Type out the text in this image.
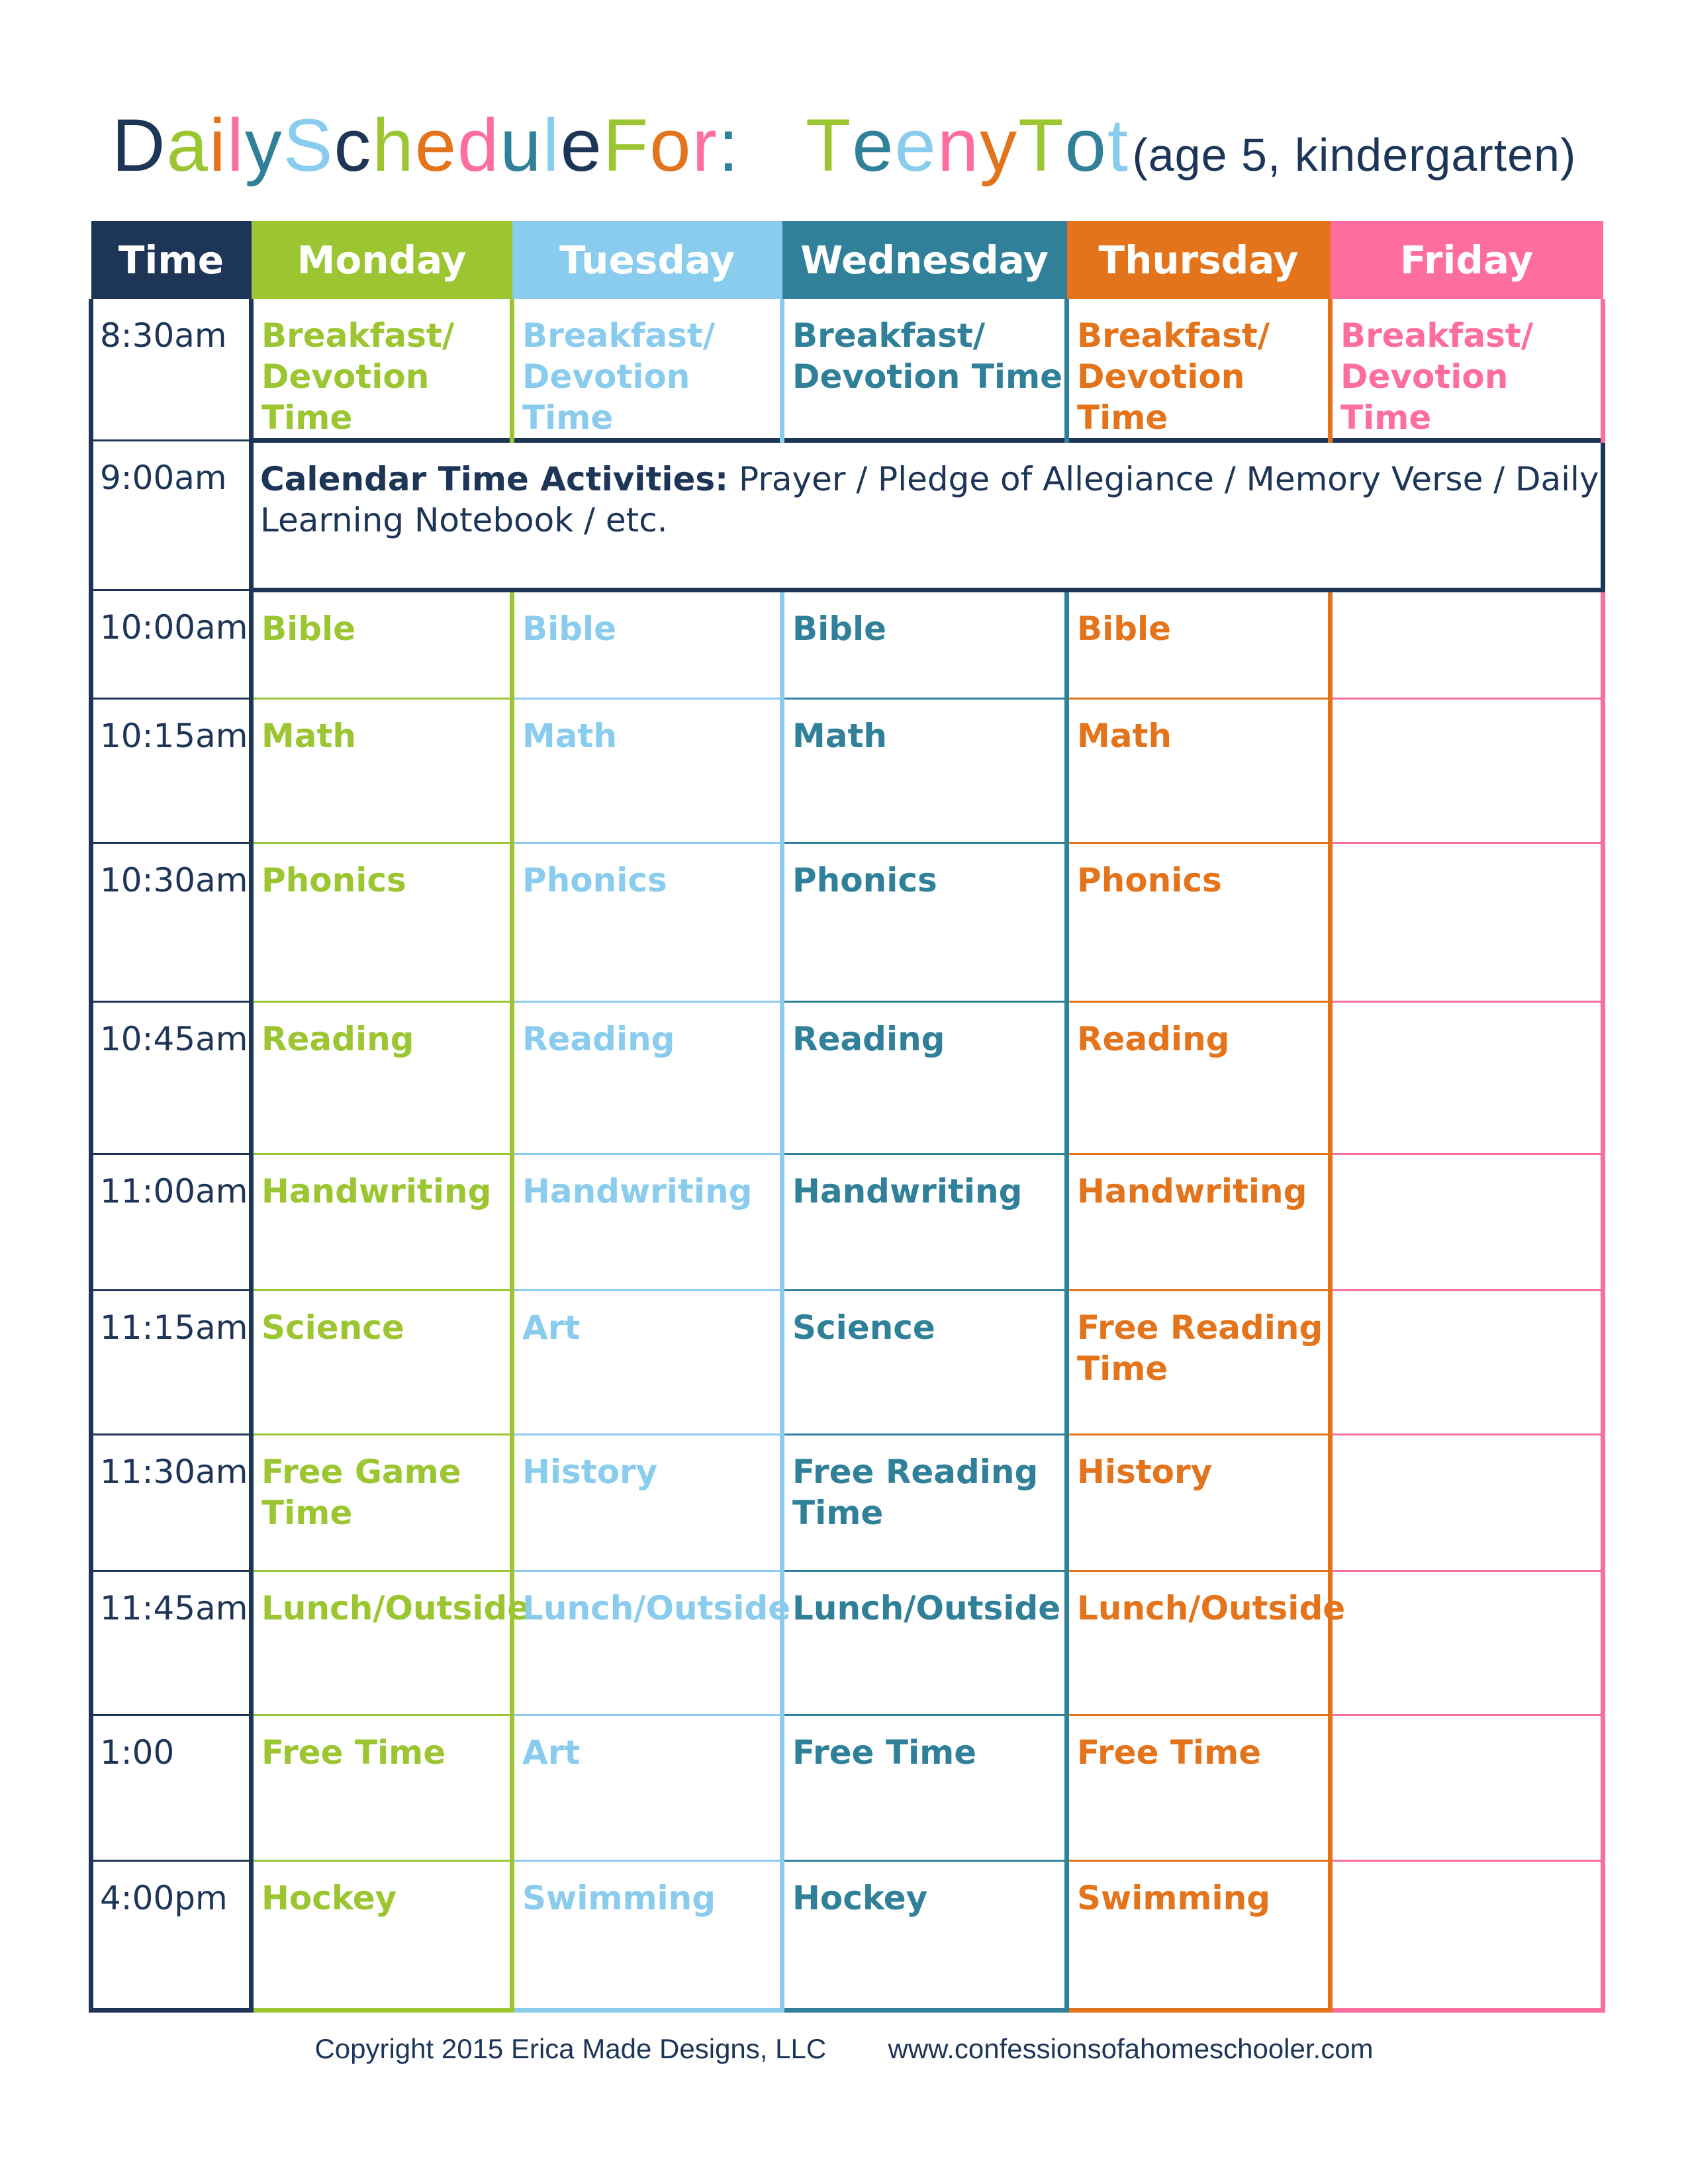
DailyScheduleFor: TeenyTot (age 5, kindergarten)
Time	Monday	Tuesday	Wednesday	Thursday	Friday
8:30am	Breakfast/ Devotion Time	Breakfast/ Devotion Time	Breakfast/ Devotion Time	Breakfast/ Devotion Time	Breakfast/ Devotion Time
9:00am	Calendar Time Activities: Prayer / Pledge of Allegiance / Memory Verse / Daily Learning Notebook / etc.				
10:00am	Bible	Bible	Bible	Bible	
10:15am	Math	Math	Math	Math	
10:30am	Phonics	Phonics	Phonics	Phonics	
10:45am	Reading	Reading	Reading	Reading	
11:00am	Handwriting	Handwriting	Handwriting	Handwriting	
11:15am	Science	Art	Science	Free Reading Time	
11:30am	Free Game Time	History	Free Reading Time	History	
11:45am	Lunch/Outside	Lunch/Outside	Lunch/Outside	Lunch/Outside	
1:00	Free Time	Art	Free Time	Free Time	
4:00pm	Hockey	Swimming	Hockey	Swimming	
Copyright 2015 Erica Made Designs, LLC www.confessionsofahomeschooler.com
